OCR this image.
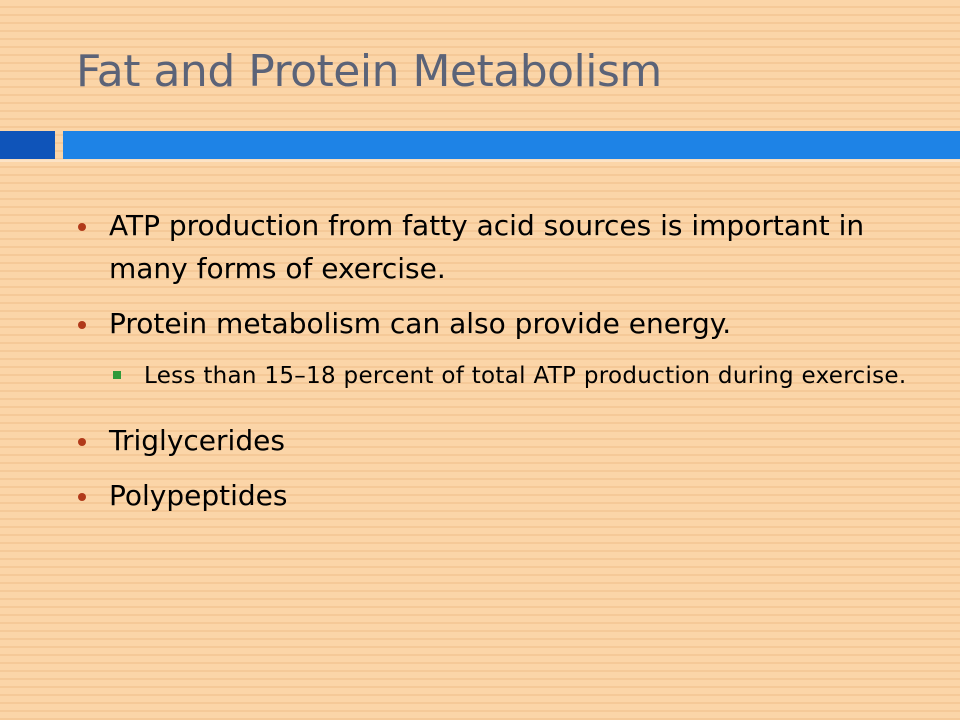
Fat and Protein Metabolism
ATP production from fatty acid sources is important in many forms of exercise.
Protein metabolism can also provide energy.
Less than 15–18 percent of total ATP production during exercise.
Triglycerides
Polypeptides
